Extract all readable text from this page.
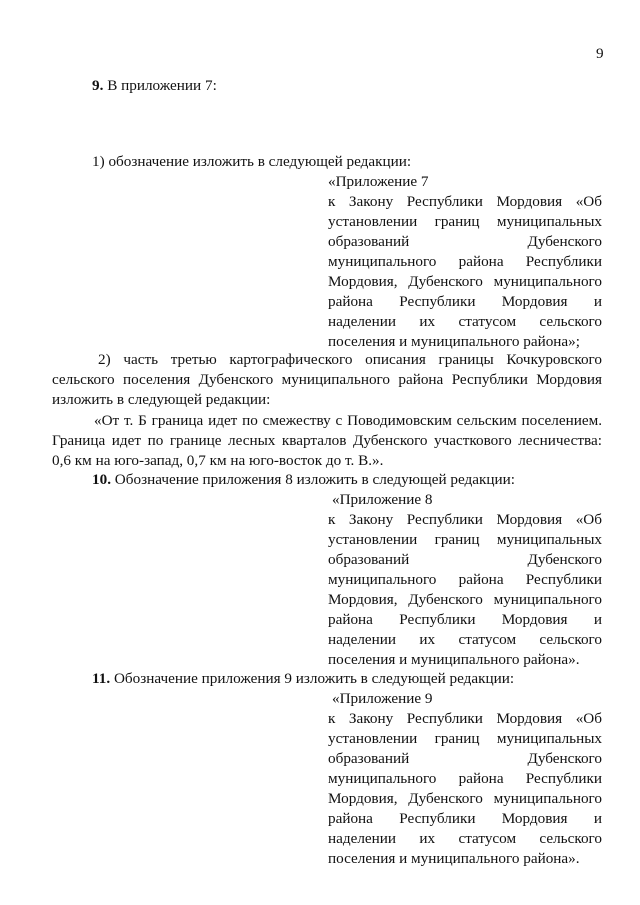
9
9. В приложении 7:
1) обозначение изложить в следующей редакции:
«Приложение 7
к Закону Республики Мордовия «Об
установлении границ муниципальных
образований Дубенского
муниципального района Республики
Мордовия, Дубенского муниципального
района Республики Мордовия и
наделении их статусом сельского
поселения и муниципального района»;
2) часть третью картографического описания границы Кочкуровского
сельского поселения Дубенского муниципального района Республики Мордовия
изложить в следующей редакции:
«От т. Б граница идет по смежеству с Поводимовским сельским поселением.
Граница идет по границе лесных кварталов Дубенского участкового лесничества:
0,6 км на юго-запад, 0,7 км на юго-восток до т. В.».
10. Обозначение приложения 8 изложить в следующей редакции:
«Приложение 8
к Закону Республики Мордовия «Об
установлении границ муниципальных
образований Дубенского
муниципального района Республики
Мордовия, Дубенского муниципального
района Республики Мордовия и
наделении их статусом сельского
поселения и муниципального района».
11. Обозначение приложения 9 изложить в следующей редакции:
«Приложение 9
к Закону Республики Мордовия «Об
установлении границ муниципальных
образований Дубенского
муниципального района Республики
Мордовия, Дубенского муниципального
района Республики Мордовия и
наделении их статусом сельского
поселения и муниципального района».
